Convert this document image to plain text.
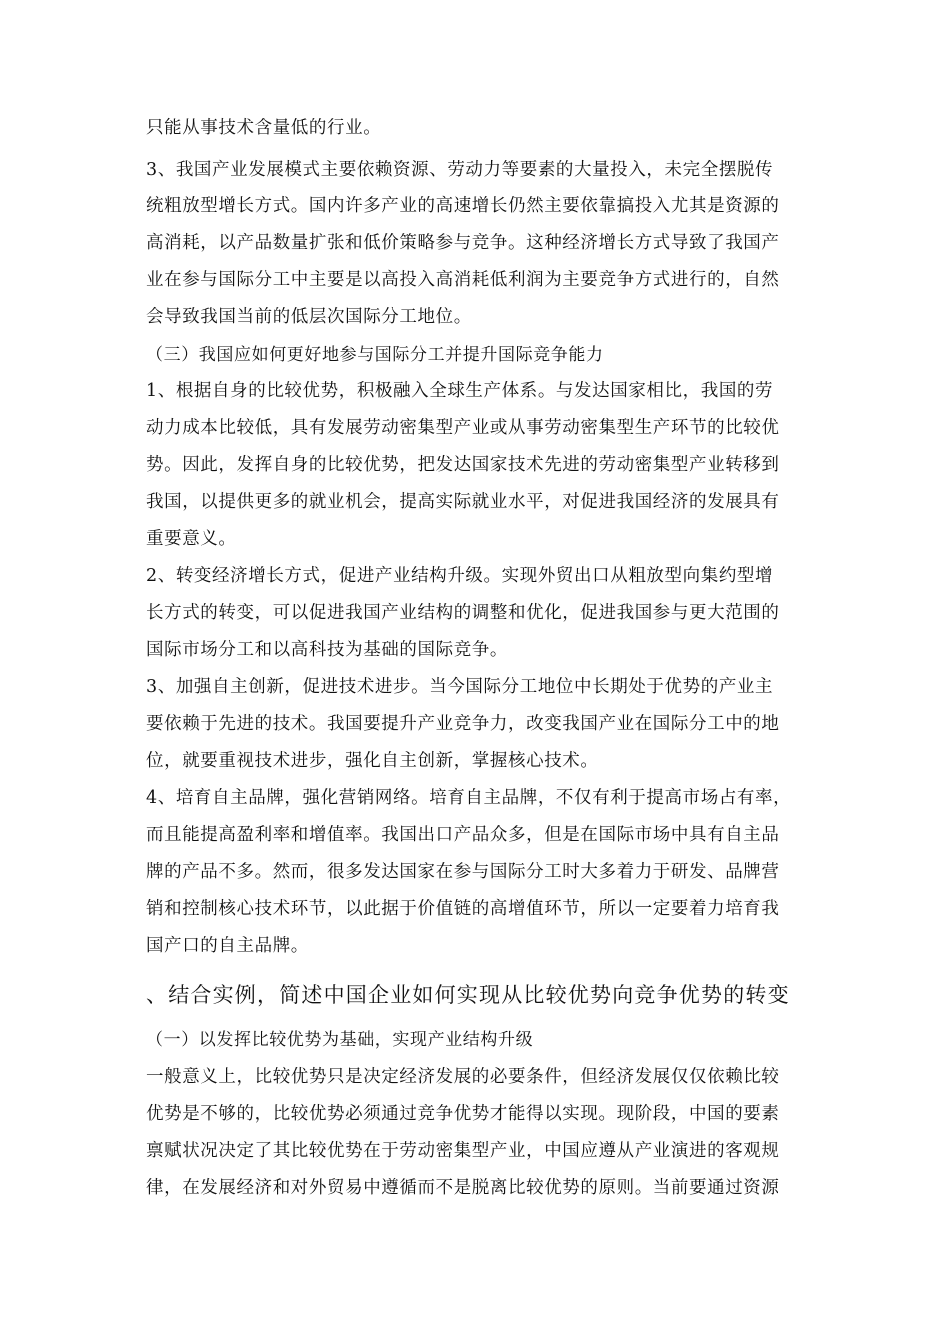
只能从事技术含量低的行业。
3、我国产业发展模式主要依赖资源、劳动力等要素的大量投入，未完全摆脱传
统粗放型增长方式。国内许多产业的高速增长仍然主要依靠搞投入尤其是资源的
高消耗，以产品数量扩张和低价策略参与竞争。这种经济增长方式导致了我国产
业在参与国际分工中主要是以高投入高消耗低利润为主要竞争方式进行的，自然
会导致我国当前的低层次国际分工地位。
（三）我国应如何更好地参与国际分工并提升国际竞争能力
1、根据自身的比较优势，积极融入全球生产体系。与发达国家相比，我国的劳
动力成本比较低，具有发展劳动密集型产业或从事劳动密集型生产环节的比较优
势。因此，发挥自身的比较优势，把发达国家技术先进的劳动密集型产业转移到
我国，以提供更多的就业机会，提高实际就业水平，对促进我国经济的发展具有
重要意义。
2、转变经济增长方式，促进产业结构升级。实现外贸出口从粗放型向集约型增
长方式的转变，可以促进我国产业结构的调整和优化，促进我国参与更大范围的
国际市场分工和以高科技为基础的国际竞争。
3、加强自主创新，促进技术进步。当今国际分工地位中长期处于优势的产业主
要依赖于先进的技术。我国要提升产业竞争力，改变我国产业在国际分工中的地
位，就要重视技术进步，强化自主创新，掌握核心技术。
4、培育自主品牌，强化营销网络。培育自主品牌，不仅有利于提高市场占有率，
而且能提高盈利率和增值率。我国出口产品众多，但是在国际市场中具有自主品
牌的产品不多。然而，很多发达国家在参与国际分工时大多着力于研发、品牌营
销和控制核心技术环节，以此据于价值链的高增值环节，所以一定要着力培育我
国产口的自主品牌。
、结合实例，简述中国企业如何实现从比较优势向竞争优势的转变
（一）以发挥比较优势为基础，实现产业结构升级
一般意义上，比较优势只是决定经济发展的必要条件，但经济发展仅仅依赖比较
优势是不够的，比较优势必须通过竞争优势才能得以实现。现阶段，中国的要素
禀赋状况决定了其比较优势在于劳动密集型产业，中国应遵从产业演进的客观规
律，在发展经济和对外贸易中遵循而不是脱离比较优势的原则。当前要通过资源
